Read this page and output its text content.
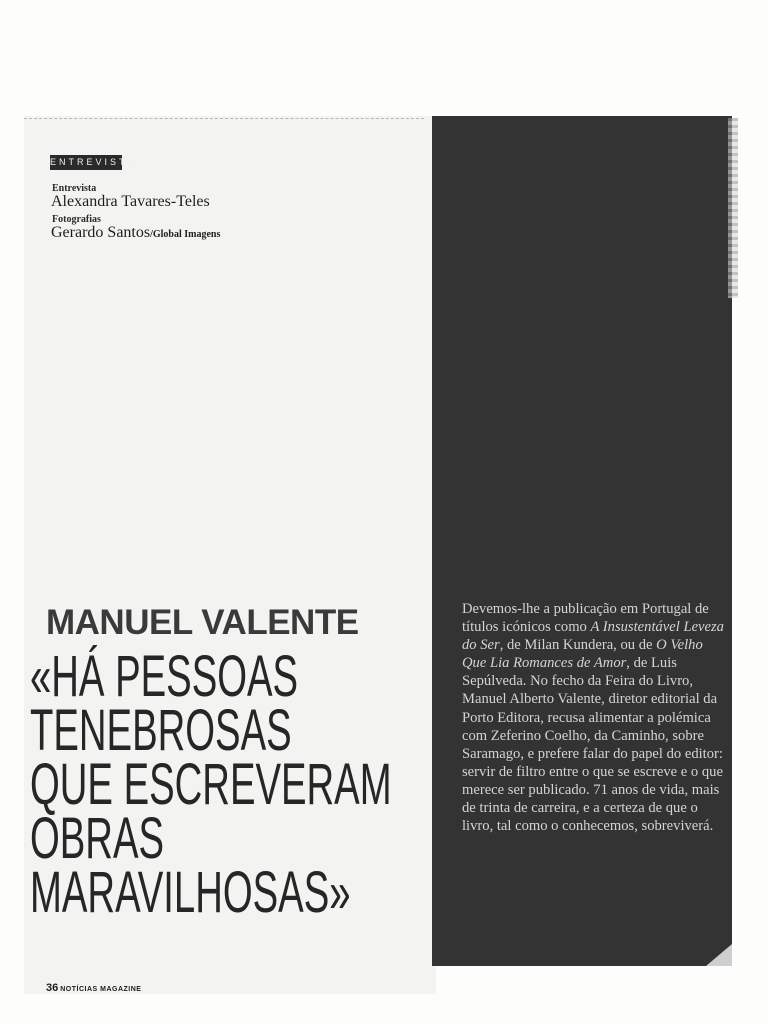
ENTREVISTA
Entrevista
Alexandra Tavares-Teles
Fotografias
Gerardo Santos/Global Imagens
MANUEL VALENTE
«HÁ PESSOAS
TENEBROSAS
QUE ESCREVERAM
OBRAS
MARAVILHOSAS»
36 NOTÍCIAS MAGAZINE
Devemos-lhe a publicação em Portugal de títulos icónicos como A Insustentável Leveza do Ser, de Milan Kundera, ou de O Velho Que Lia Romances de Amor, de Luis Sepúlveda. No fecho da Feira do Livro, Manuel Alberto Valente, diretor editorial da Porto Editora, recusa alimentar a polémica com Zeferino Coelho, da Caminho, sobre Saramago, e prefere falar do papel do editor: servir de filtro entre o que se escreve e o que merece ser publicado. 71 anos de vida, mais de trinta de carreira, e a certeza de que o livro, tal como o conhecemos, sobreviverá.
